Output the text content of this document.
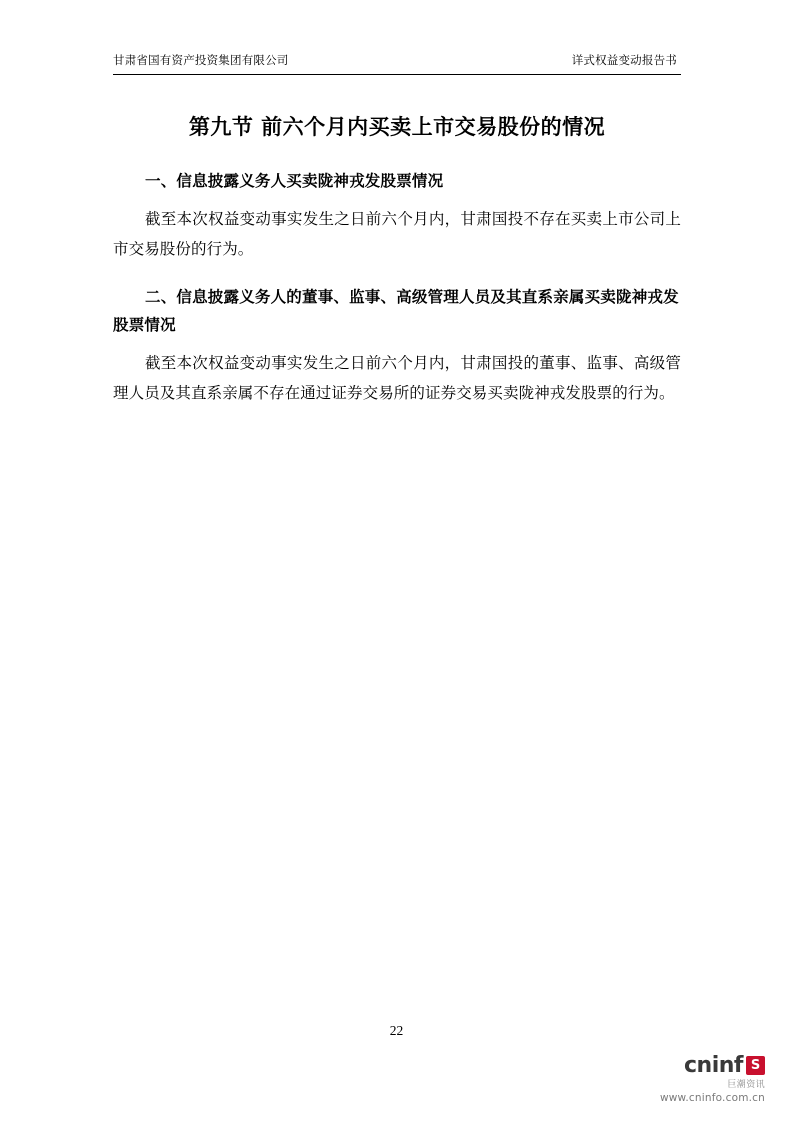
甘肃省国有资产投资集团有限公司	详式权益变动报告书
第九节 前六个月内买卖上市交易股份的情况
一、信息披露义务人买卖陇神戎发股票情况

截至本次权益变动事实发生之日前六个月内，甘肃国投不存在买卖上市公司上市交易股份的行为。

二、信息披露义务人的董事、监事、高级管理人员及其直系亲属买卖陇神戎发股票情况

截至本次权益变动事实发生之日前六个月内，甘肃国投的董事、监事、高级管理人员及其直系亲属不存在通过证券交易所的证券交易买卖陇神戎发股票的行为。

22
cninf S
巨潮资讯
www.cninfo.com.cn
